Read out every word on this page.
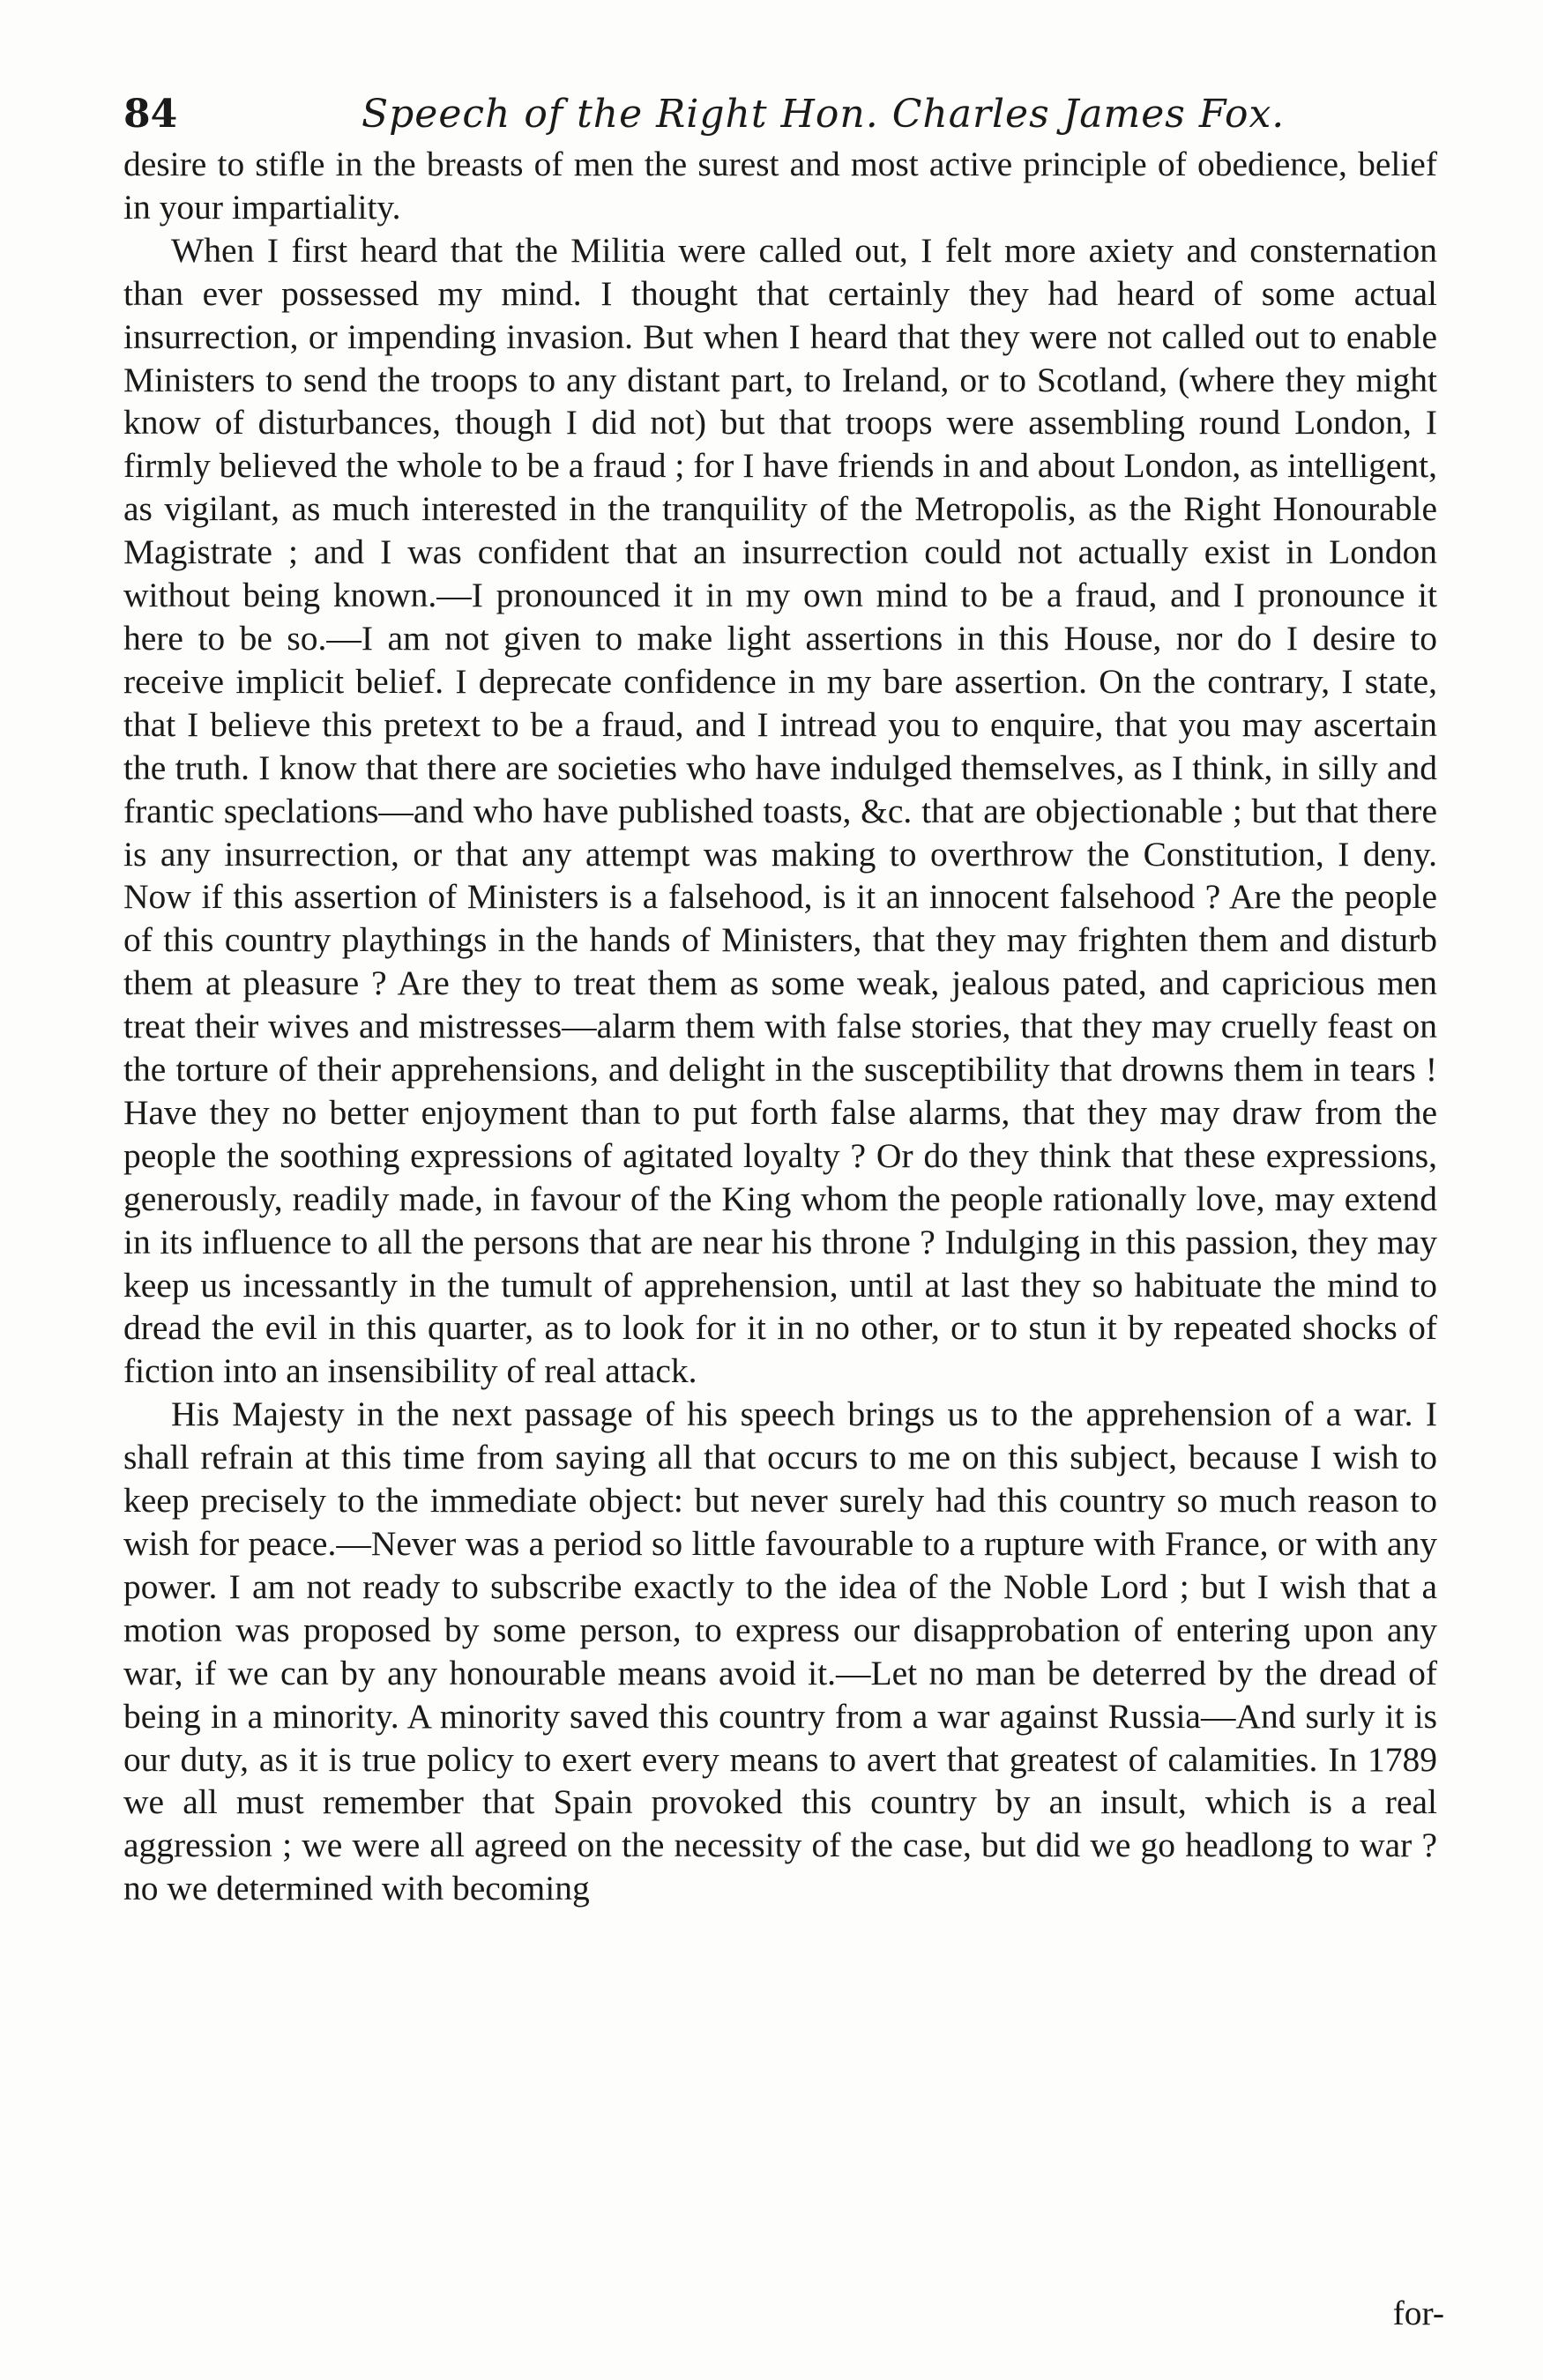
84	Speech of the Right Hon. Charles James Fox.

desire to stifle in the breasts of men the surest and most active principle of obedience, belief in your impartiality.

When I first heard that the Militia were called out, I felt more axiety and consternation than ever possessed my mind. I thought that certainly they had heard of some actual insurrection, or impending invasion. But when I heard that they were not called out to enable Ministers to send the troops to any distant part, to Ireland, or to Scotland, (where they might know of disturbances, though I did not) but that troops were assembling round London, I firmly believed the whole to be a fraud ; for I have friends in and about London, as intelligent, as vigilant, as much interested in the tranquility of the Metropolis, as the Right Honourable Magistrate ; and I was confident that an insurrection could not actually exist in London without being known.—I pronounced it in my own mind to be a fraud, and I pronounce it here to be so.—I am not given to make light assertions in this House, nor do I desire to receive implicit belief. I deprecate confidence in my bare assertion. On the contrary, I state, that I believe this pretext to be a fraud, and I intread you to enquire, that you may ascertain the truth. I know that there are societies who have indulged themselves, as I think, in silly and frantic speclations—and who have published toasts, &c. that are objectionable ; but that there is any insurrection, or that any attempt was making to overthrow the Constitution, I deny. Now if this assertion of Ministers is a falsehood, is it an innocent falsehood ? Are the people of this country playthings in the hands of Ministers, that they may frighten them and disturb them at pleasure ? Are they to treat them as some weak, jealous pated, and capricious men treat their wives and mistresses—alarm them with false stories, that they may cruelly feast on the torture of their apprehensions, and delight in the susceptibility that drowns them in tears ! Have they no better enjoyment than to put forth false alarms, that they may draw from the people the soothing expressions of agitated loyalty ? Or do they think that these expressions, generously, readily made, in favour of the King whom the people rationally love, may extend in its influence to all the persons that are near his throne ? Indulging in this passion, they may keep us incessantly in the tumult of apprehension, until at last they so habituate the mind to dread the evil in this quarter, as to look for it in no other, or to stun it by repeated shocks of fiction into an insensibility of real attack.

His Majesty in the next passage of his speech brings us to the apprehension of a war. I shall refrain at this time from saying all that occurs to me on this subject, because I wish to keep precisely to the immediate object: but never surely had this country so much reason to wish for peace.—Never was a period so little favourable to a rupture with France, or with any power. I am not ready to subscribe exactly to the idea of the Noble Lord ; but I wish that a motion was proposed by some person, to express our disapprobation of entering upon any war, if we can by any honourable means avoid it.—Let no man be deterred by the dread of being in a minority. A minority saved this country from a war against Russia—And surly it is our duty, as it is true policy to exert every means to avert that greatest of calamities. In 1789 we all must remember that Spain provoked this country by an insult, which is a real aggression ; we were all agreed on the necessity of the case, but did we go headlong to war ? no we determined with becoming

for-
